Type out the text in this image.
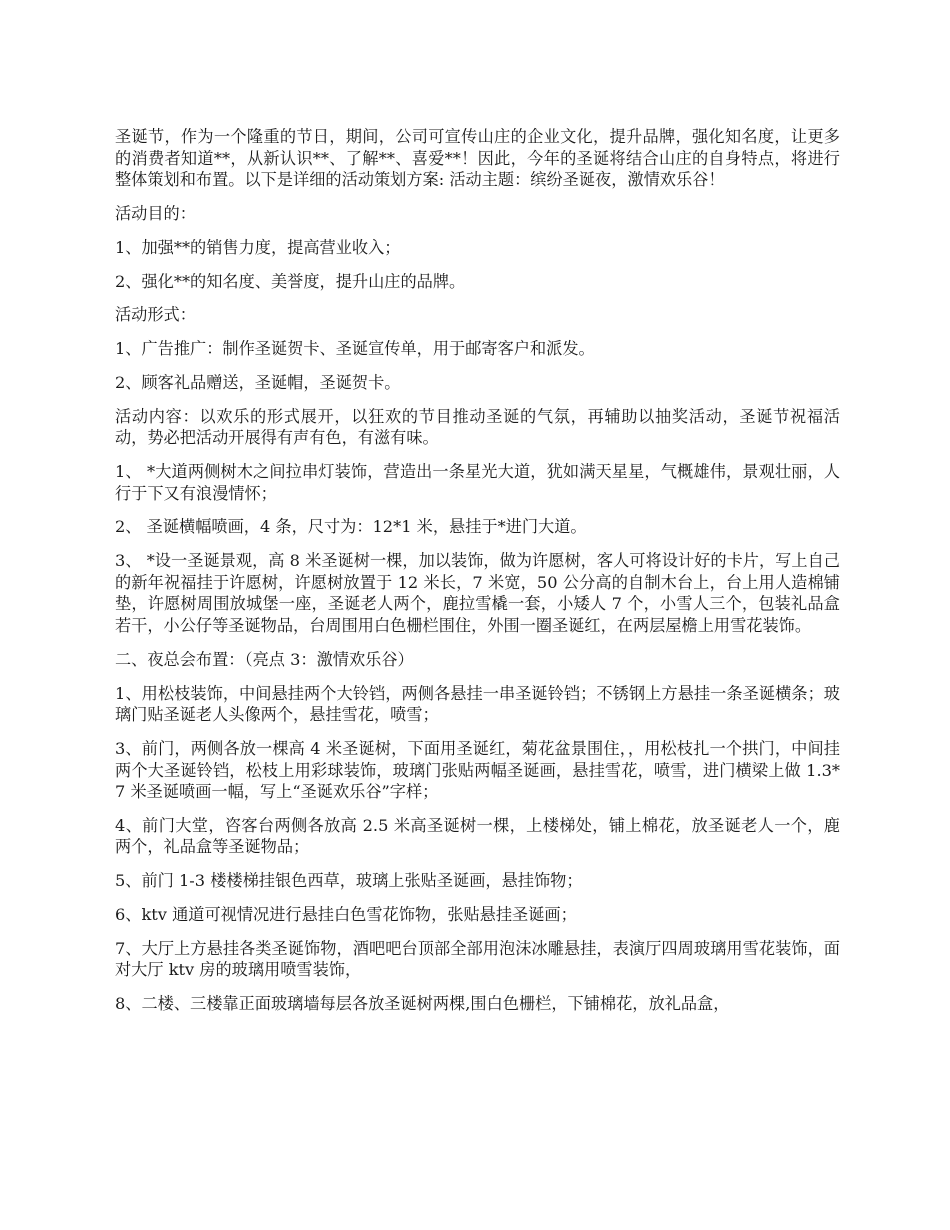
圣诞节，作为一个隆重的节日，期间，公司可宣传山庄的企业文化，提升品牌，强化知名度，让更多的消费者知道**，从新认识**、了解**、喜爱**！因此，今年的圣诞将结合山庄的自身特点，将进行整体策划和布置。以下是详细的活动策划方案: 活动主题：缤纷圣诞夜，激情欢乐谷！

活动目的：

1、加强**的销售力度，提高营业收入；

2、强化**的知名度、美誉度，提升山庄的品牌。

活动形式：

1、广告推广：制作圣诞贺卡、圣诞宣传单，用于邮寄客户和派发。

2、顾客礼品赠送，圣诞帽，圣诞贺卡。

活动内容：以欢乐的形式展开，以狂欢的节目推动圣诞的气氛，再辅助以抽奖活动，圣诞节祝福活动，势必把活动开展得有声有色，有滋有味。

1、 *大道两侧树木之间拉串灯装饰，营造出一条星光大道，犹如满天星星，气概雄伟，景观壮丽，人行于下又有浪漫情怀；

2、 圣诞横幅喷画，4 条，尺寸为：12*1 米，悬挂于*进门大道。

3、 *设一圣诞景观，高 8 米圣诞树一棵，加以装饰，做为许愿树，客人可将设计好的卡片，写上自己的新年祝福挂于许愿树，许愿树放置于 12 米长，7 米宽，50 公分高的自制木台上，台上用人造棉铺垫，许愿树周围放城堡一座，圣诞老人两个，鹿拉雪橇一套，小矮人 7 个，小雪人三个，包装礼品盒若干，小公仔等圣诞物品，台周围用白色栅栏围住，外围一圈圣诞红，在两层屋檐上用雪花装饰。

二、夜总会布置：（亮点 3：激情欢乐谷）

1、用松枝装饰，中间悬挂两个大铃铛，两侧各悬挂一串圣诞铃铛；不锈钢上方悬挂一条圣诞横条；玻璃门贴圣诞老人头像两个，悬挂雪花，喷雪；

3、前门，两侧各放一棵高 4 米圣诞树，下面用圣诞红，菊花盆景围住，，用松枝扎一个拱门，中间挂两个大圣诞铃铛，松枝上用彩球装饰，玻璃门张贴两幅圣诞画，悬挂雪花，喷雪，进门横梁上做 1.3*7 米圣诞喷画一幅，写上“圣诞欢乐谷”字样；

4、前门大堂，咨客台两侧各放高 2.5 米高圣诞树一棵，上楼梯处，铺上棉花，放圣诞老人一个，鹿两个，礼品盒等圣诞物品；

5、前门 1-3 楼楼梯挂银色西草，玻璃上张贴圣诞画，悬挂饰物；

6、ktv 通道可视情况进行悬挂白色雪花饰物，张贴悬挂圣诞画；

7、大厅上方悬挂各类圣诞饰物，酒吧吧台顶部全部用泡沫冰雕悬挂，表演厅四周玻璃用雪花装饰，面对大厅 ktv 房的玻璃用喷雪装饰，

8、二楼、三楼靠正面玻璃墙每层各放圣诞树两棵,围白色栅栏，下铺棉花，放礼品盒，
